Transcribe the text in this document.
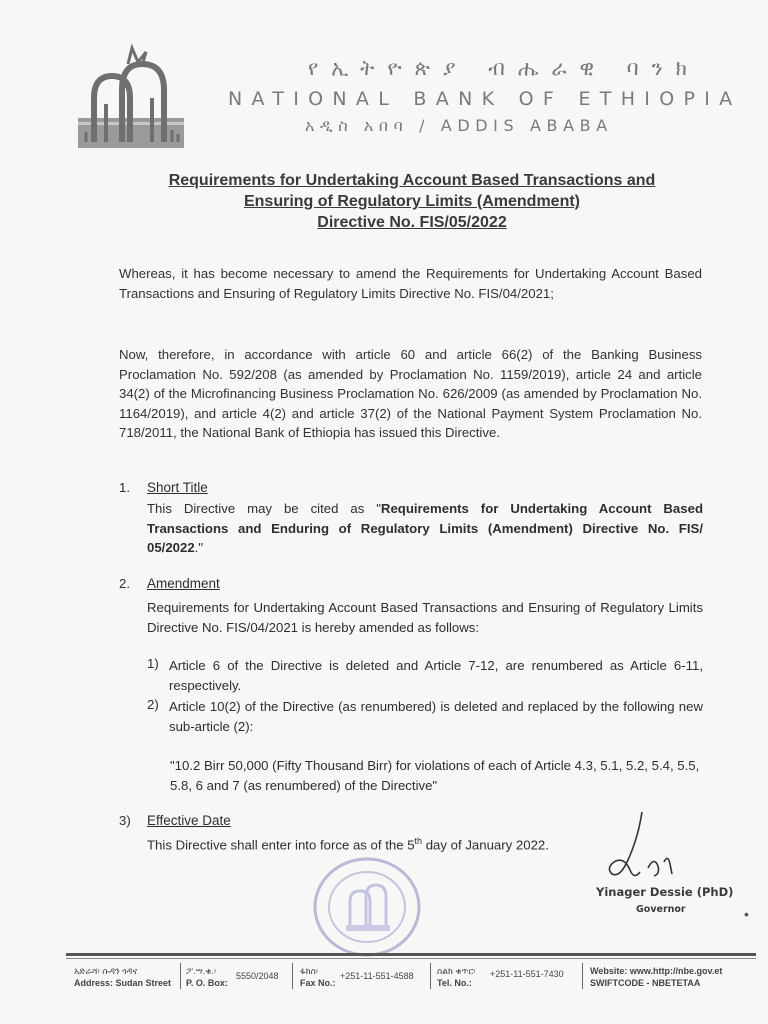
የኢትዮጵያ ብሔራዊ ባንክ
NATIONAL BANK OF ETHIOPIA
አዲስ አበባ / ADDIS ABABA

Requirements for Undertaking Account Based Transactions and

Ensuring of Regulatory Limits (Amendment)

Directive No. FIS/05/2022

Whereas, it has become necessary to amend the Requirements for Undertaking Account Based Transactions and Ensuring of Regulatory Limits Directive No. FIS/04/2021;
Now, therefore, in accordance with article 60 and article 66(2) of the Banking Business Proclamation No. 592/208 (as amended by Proclamation No. 1159/2019), article 24 and article 34(2) of the Microfinancing Business Proclamation No. 626/2009 (as amended by Proclamation No. 1164/2019), and article 4(2) and article 37(2) of the National Payment System Proclamation No. 718/2011, the National Bank of Ethiopia has issued this Directive.
1. Short Title
This Directive may be cited as "Requirements for Undertaking Account Based Transactions and Enduring of Regulatory Limits (Amendment) Directive No. FIS/ 05/2022."
2. Amendment
Requirements for Undertaking Account Based Transactions and Ensuring of Regulatory Limits Directive No. FIS/04/2021 is hereby amended as follows:
1) Article 6 of the Directive is deleted and Article 7-12, are renumbered as Article 6-11, respectively.
2) Article 10(2) of the Directive (as renumbered) is deleted and replaced by the following new sub-article (2):
"10.2 Birr 50,000 (Fifty Thousand Birr) for violations of each of Article 4.3, 5.1, 5.2, 5.4, 5.5, 5.8, 6 and 7 (as renumbered) of the Directive"
3) Effective Date
This Directive shall enter into force as of the 5th day of January 2022.
Yinager Dessie (PhD)
Governor	•
አድራሻ፡ ሱዳን ጎዳና
Address: Sudan Street
ፖ.ሣ.ቁ.፡
P. O. Box:
5550/2048 ፋክስ፡
Fax No.:
+251-11-551-4588	ስልክ ቁጥር፡
Tel. No.:
+251-11-551-7430	Website: www.http://nbe.gov.et
SWIFTCODE - NBETETAA
